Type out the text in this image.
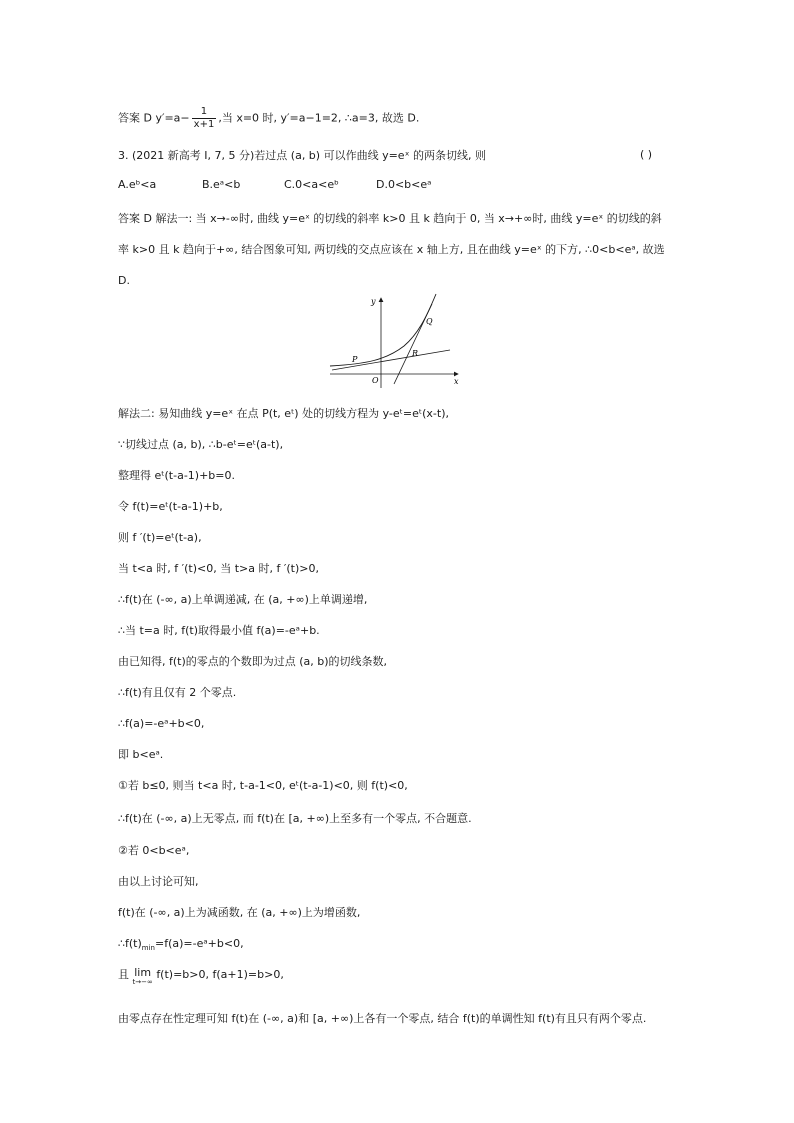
答案 D $y'=a- \frac{1}{x+1}$ ,当 x=0 时, y′=a−1=2, ∴a=3, 故选 D.
3. (2021 新高考 Ⅰ, 7, 5 分)若过点 (a, b) 可以作曲线 y=eˣ 的两条切线, 则	( )
A.eᵇ<a	B.eᵃ<b	C.0<a<eᵇ	D.0<b<eᵃ
答案 D 解法一: 当 x→-∞时, 曲线 y=eˣ 的切线的斜率 k>0 且 k 趋向于 0, 当 x→+∞时, 曲线 y=eˣ 的切线的斜
率 k>0 且 k 趋向于+∞, 结合图象可知, 两切线的交点应该在 x 轴上方, 且在曲线 y=eˣ 的下方, ∴0<b<eᵃ, 故选
D.
y
x
O
P
Q
R
解法二: 易知曲线 y=eˣ 在点 P(t, eᵗ) 处的切线方程为 y-eᵗ=eᵗ(x-t),
∵切线过点 (a, b), ∴b-eᵗ=eᵗ(a-t),
整理得 eᵗ(t-a-1)+b=0.
令 f(t)=eᵗ(t-a-1)+b,
则 f ′(t)=eᵗ(t-a),
当 t<a 时, f ′(t)<0, 当 t>a 时, f ′(t)>0,
∴f(t)在 (-∞, a)上单调递减, 在 (a, +∞)上单调递增,
∴当 t=a 时, f(t)取得最小值 f(a)=-eᵃ+b.
由已知得, f(t)的零点的个数即为过点 (a, b)的切线条数,
∴f(t)有且仅有 2 个零点.
∴f(a)=-eᵃ+b<0,
即 b<eᵃ.
①若 b≤0, 则当 t<a 时, t-a-1<0, eᵗ(t-a-1)<0, 则 f(t)<0,
∴f(t)在 (-∞, a)上无零点, 而 f(t)在 [a, +∞)上至多有一个零点, 不合题意.
②若 0<b<eᵃ,
由以上讨论可知,
f(t)在 (-∞, a)上为减函数, 在 (a, +∞)上为增函数,
$\therefore f(t)_{min}=f(a)=-eᵃ+b<0$,
且 lim
t→−∞
f(t)=b>0, f(a+1)=b>0,
由零点存在性定理可知 f(t)在 (-∞, a)和 [a, +∞)上各有一个零点, 结合 f(t)的单调性知 f(t)有且只有两个零点.
